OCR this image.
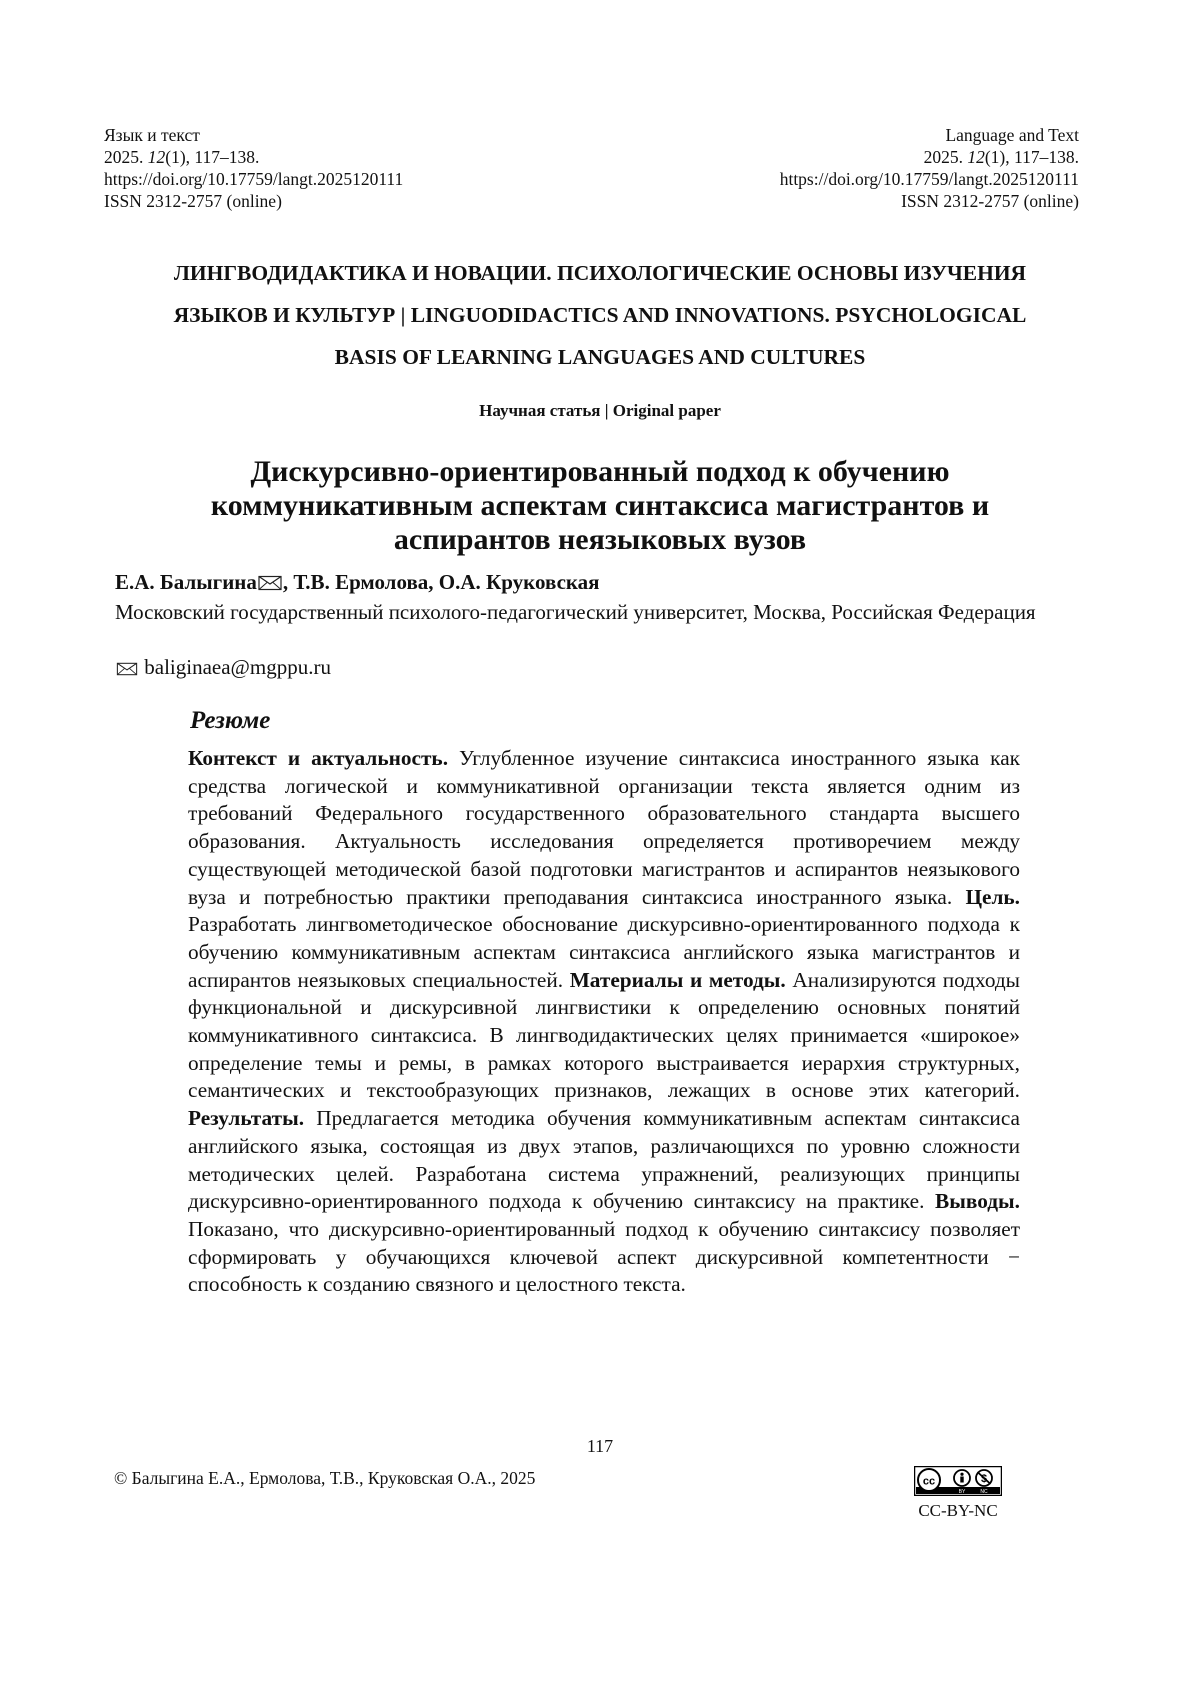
Язык и текст
2025. 12(1), 117–138.
https://doi.org/10.17759/langt.2025120111
ISSN 2312-2757 (online)
Language and Text
2025. 12(1), 117–138.
https://doi.org/10.17759/langt.2025120111
ISSN 2312-2757 (online)
ЛИНГВОДИДАКТИКА И НОВАЦИИ. ПСИХОЛОГИЧЕСКИЕ ОСНОВЫ ИЗУЧЕНИЯ
ЯЗЫКОВ И КУЛЬТУР | LINGUODIDACTICS AND INNOVATIONS. PSYCHOLOGICAL
BASIS OF LEARNING LANGUAGES AND CULTURES
Научная статья | Original paper
Дискурсивно-ориентированный подход к обучению
коммуникативным аспектам синтаксиса магистрантов и
аспирантов неязыковых вузов
Е.А. Балыгина , Т.В. Ермолова, О.А. Круковская
Московский государственный психолого-педагогический университет, Москва, Российская Федерация
baliginaea@mgppu.ru
Резюме

Контекст и актуальность. Углубленное изучение синтаксиса иностранного языка как средства логической и коммуникативной организации текста является одним из требований Федерального государственного образовательного стандарта высшего образования. Актуальность исследования определяется противоречием между существующей методической базой подготовки магистрантов и аспирантов неязыкового вуза и потребностью практики преподавания синтаксиса иностранного языка. Цель. Разработать лингвометодическое обоснование дискурсивно-ориентированного подхода к обучению коммуникативным аспектам синтаксиса английского языка магистрантов и аспирантов неязыковых специальностей. Материалы и методы. Анализируются подходы функциональной и дискурсивной лингвистики к определению основных понятий коммуникативного синтаксиса. В лингводидактических целях принимается «широкое» определение темы и ремы, в рамках которого выстраивается иерархия структурных, семантических и текстообразующих признаков, лежащих в основе этих категорий. Результаты. Предлагается методика обучения коммуникативным аспектам синтаксиса английского языка, состоящая из двух этапов, различающихся по уровню сложности методических целей. Разработана система упражнений, реализующих принципы дискурсивно-ориентированного подхода к обучению синтаксису на практике. Выводы. Показано, что дискурсивно-ориентированный подход к обучению синтаксису позволяет сформировать у обучающихся ключевой аспект дискурсивной компетентности − способность к созданию связного и целостного текста.

117
© Балыгина Е.А., Ермолова, Т.В., Круковская О.А., 2025	cc
BY	NC
CC-BY-NC
